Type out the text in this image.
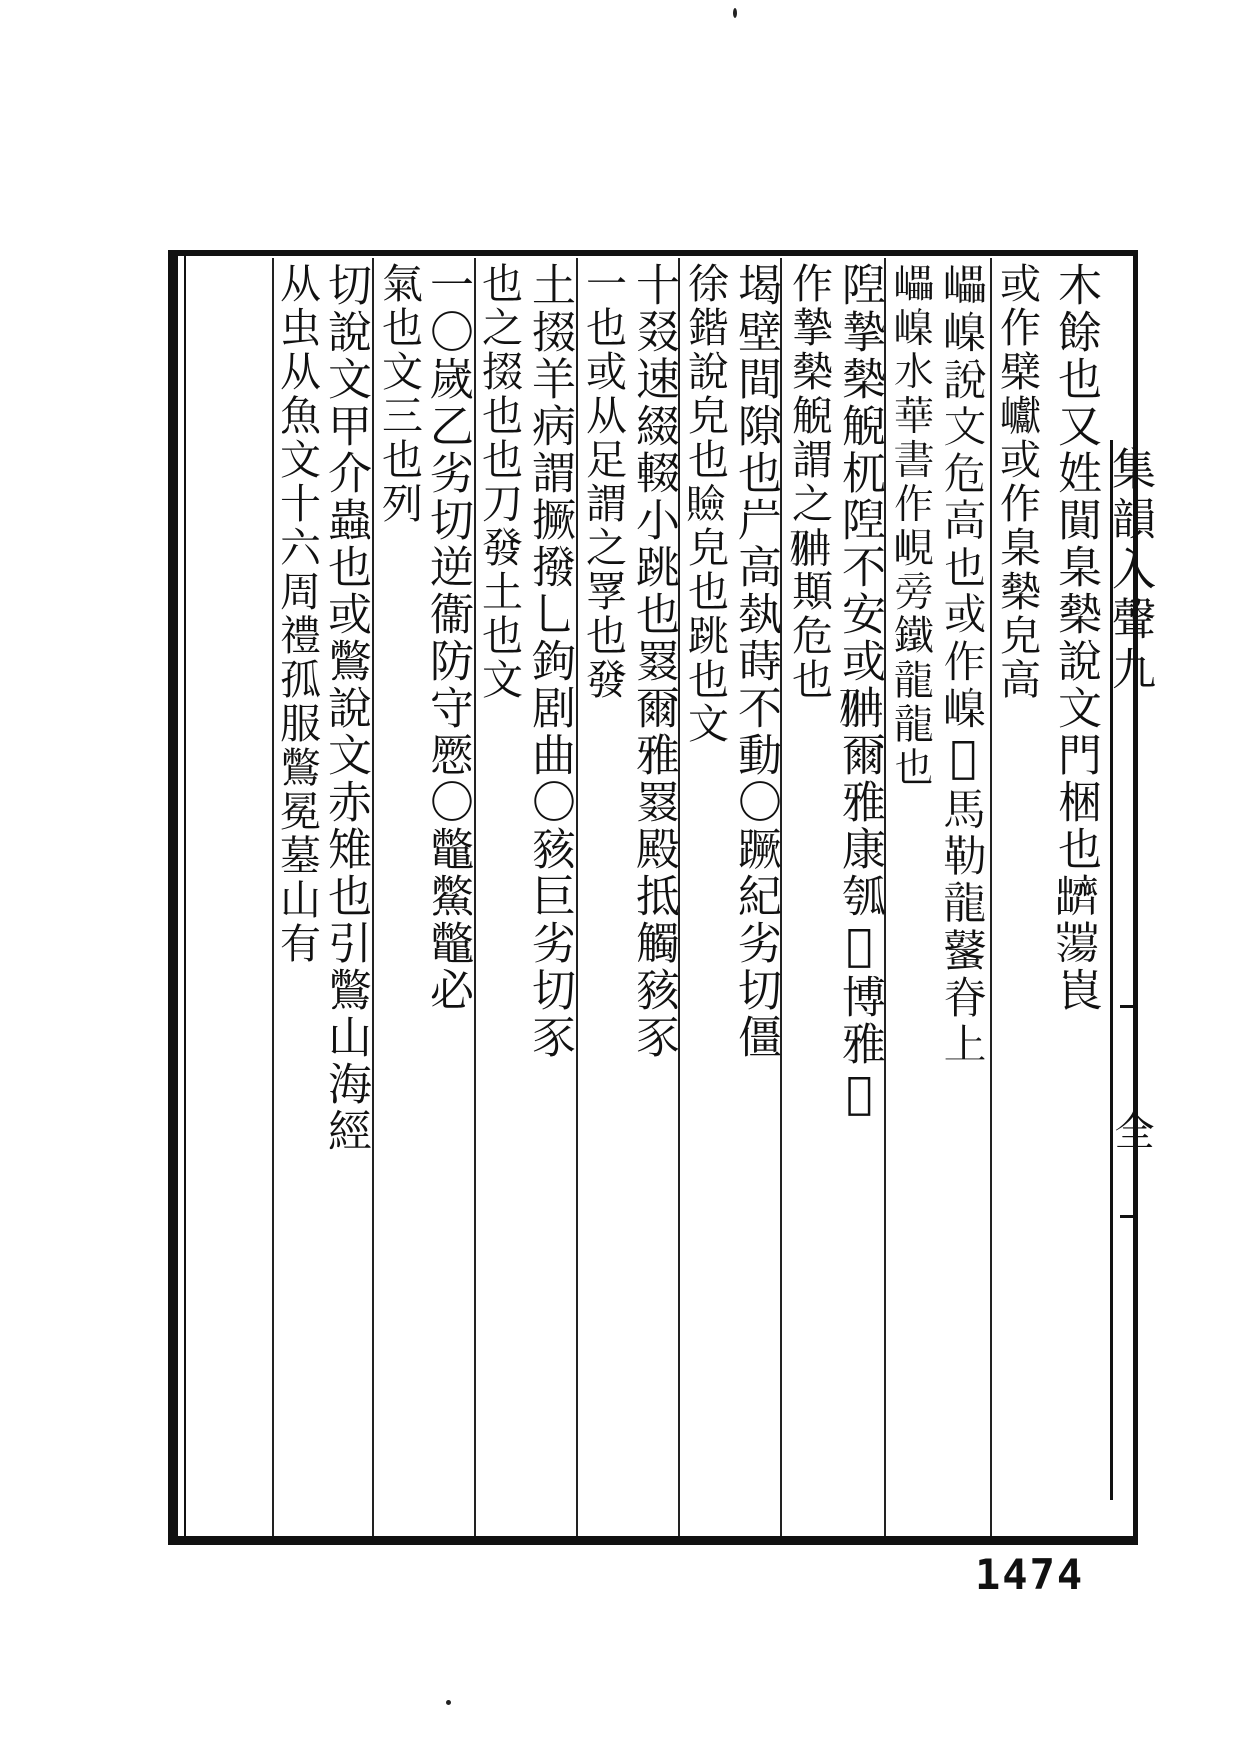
木餘也又姓閴臬槷說文門梱也𪗊𡾕崀
或作檗巘或作臬槷皃高
𡾊嵲說文危高也或作嵲𩧦馬勒龍鼜脊上
𡾊嵲水華書作峴旁鐵龍龍也
隉摯槷觬杌隉不安或𦐘爾雅康瓠𩨍博雅𩨍
作摯槷觬謂之𦐘䫏危也
堨壁間隙也屵高埶蒔不動〇蹶紀劣切僵
徐鍇說皃也𧸘皃也跳也文
十叕速綴輟小跳也罬爾雅罬殿抵觸豥豕
一也或从足謂之罦也發
土掇羊病謂撅撥乚鉤剧曲〇豥巨劣切豕
也之掇也也刀發土也文
一〇嵗乙劣切逆衞防守憠〇鼈鱉鼈必
氣也文三也列
切說文甲介蟲也或鷩說文赤雉也引鷩山海經
从虫从魚文十六周禮孤服鷩冕墓山有	集韻入聲九
全
1474
